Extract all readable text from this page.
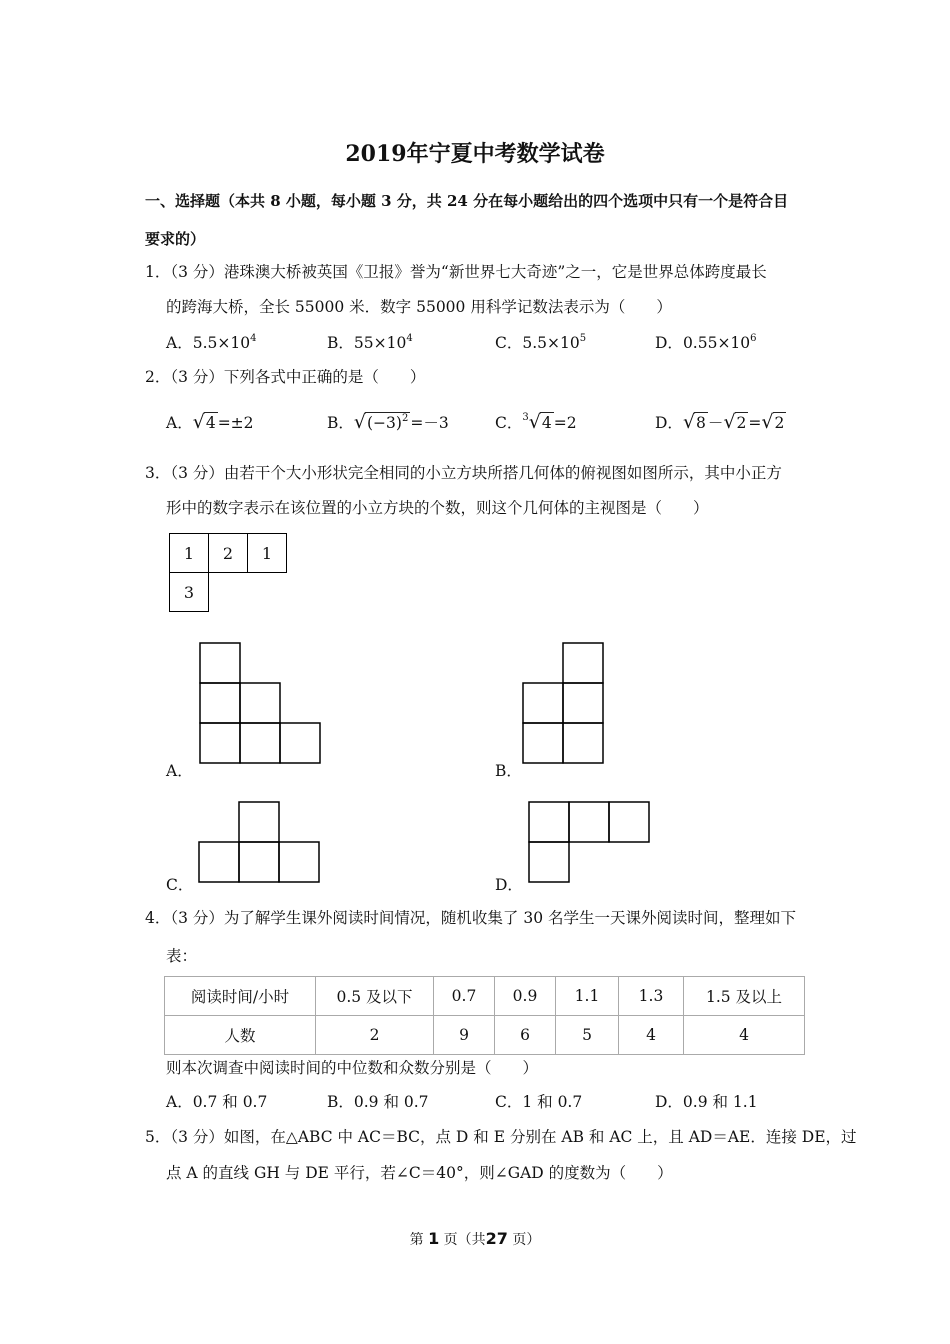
2019年宁夏中考数学试卷
一、选择题（本共 8 小题，每小题 3 分，共 24 分在每小题给出的四个选项中只有一个是符合目
要求的）
1．（3 分）港珠澳大桥被英国《卫报》誉为“新世界七大奇迹”之一，它是世界总体跨度最长
的跨海大桥，全长 55000 米．数字 55000 用科学记数法表示为（　　）
A．$5.5\times 10^4$	B．$55\times 10^4$	C．$5.5\times 10^5$	D．$0.55\times 10^6$
2．（3 分）下列各式中正确的是（　　）
A．√4 =±2	B．$√(-3)^2 =-3$	C．$^3$√4 =2	D．√8 －√2 =√2
3．（3 分）由若干个大小形状完全相同的小立方块所搭几何体的俯视图如图所示，其中小正方
形中的数字表示在该位置的小立方块的个数，则这个几何体的主视图是（　　）
1	2	1
3		
A．	B．
C．	D．
4．（3 分）为了解学生课外阅读时间情况，随机收集了 30 名学生一天课外阅读时间，整理如下
表：
阅读时间/小时	0.5 及以下	0.7	0.9	1.1	1.3	1.5 及以上
人数	2	9	6	5	4	4
则本次调查中阅读时间的中位数和众数分别是（　　）
A．0.7 和 0.7	B．0.9 和 0.7	C．1 和 0.7	D．0.9 和 1.1
5．（3 分）如图，在△ABC 中 AC＝BC，点 D 和 E 分别在 AB 和 AC 上，且 AD＝AE．连接 DE，过
点 A 的直线 GH 与 DE 平行，若∠C＝40°，则∠GAD 的度数为（　　）
第 1 页（共27 页）
